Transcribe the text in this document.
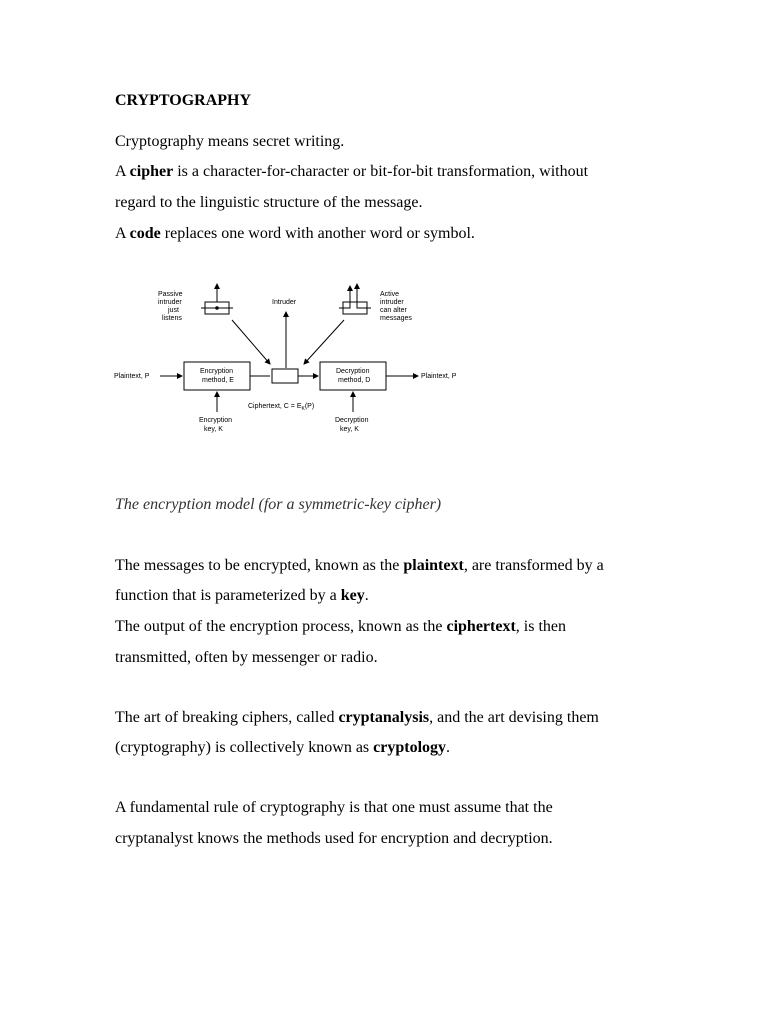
CRYPTOGRAPHY
Cryptography means secret writing.
A cipher is a character-for-character or bit-for-bit transformation, without
regard to the linguistic structure of the message.
A code replaces one word with another word or symbol.
Passive
intruder
just
listens
Intruder
Active
intruder
can alter
messages
Plaintext, P
Encryption
method, E
Decryption
method, D
Plaintext, P
Ciphertext, $C = E_K(P)$
Encryption
key, K
Decryption
key, K
The encryption model (for a symmetric-key cipher)
The messages to be encrypted, known as the plaintext, are transformed by a
function that is parameterized by a key.
The output of the encryption process, known as the ciphertext, is then
transmitted, often by messenger or radio.
The art of breaking ciphers, called cryptanalysis, and the art devising them
(cryptography) is collectively known as cryptology.
A fundamental rule of cryptography is that one must assume that the
cryptanalyst knows the methods used for encryption and decryption.
